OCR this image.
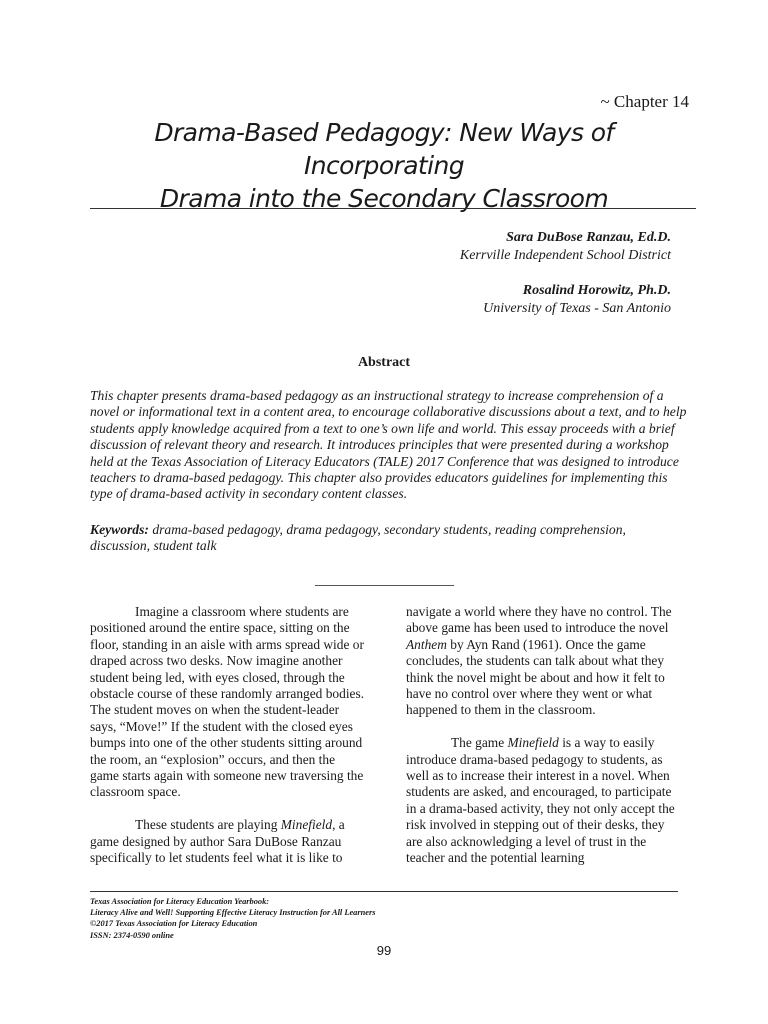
~ Chapter 14
Drama-Based Pedagogy: New Ways of Incorporating
Drama into the Secondary Classroom
Sara DuBose Ranzau, Ed.D.
Kerrville Independent School District
Rosalind Horowitz, Ph.D.
University of Texas - San Antonio
Abstract
This chapter presents drama-based pedagogy as an instructional strategy to increase comprehension of a novel or informational text in a content area, to encourage collaborative discussions about a text, and to help students apply knowledge acquired from a text to one’s own life and world. This essay proceeds with a brief discussion of relevant theory and research. It introduces principles that were presented during a workshop held at the Texas Association of Literacy Educators (TALE) 2017 Conference that was designed to introduce teachers to drama-based pedagogy. This chapter also provides educators guidelines for implementing this type of drama-based activity in secondary content classes.
Keywords: drama-based pedagogy, drama pedagogy, secondary students, reading comprehension, discussion, student talk

Imagine a classroom where students are positioned around the entire space, sitting on the floor, standing in an aisle with arms spread wide or draped across two desks. Now imagine another student being led, with eyes closed, through the obstacle course of these randomly arranged bodies. The student moves on when the student-leader says, “Move!” If the student with the closed eyes bumps into one of the other students sitting around the room, an “explosion” occurs, and then the game starts again with someone new traversing the classroom space.

These students are playing Minefield, a game designed by author Sara DuBose Ranzau specifically to let students feel what it is like to

navigate a world where they have no control. The above game has been used to introduce the novel Anthem by Ayn Rand (1961). Once the game concludes, the students can talk about what they think the novel might be about and how it felt to have no control over where they went or what happened to them in the classroom.

The game Minefield is a way to easily introduce drama-based pedagogy to students, as well as to increase their interest in a novel. When students are asked, and encouraged, to participate in a drama-based activity, they not only accept the risk involved in stepping out of their desks, they are also acknowledging a level of trust in the teacher and the potential learning

Texas Association for Literacy Education Yearbook:
Literacy Alive and Well! Supporting Effective Literacy Instruction for All Learners
©2017 Texas Association for Literacy Education
ISSN: 2374-0590 online
99
